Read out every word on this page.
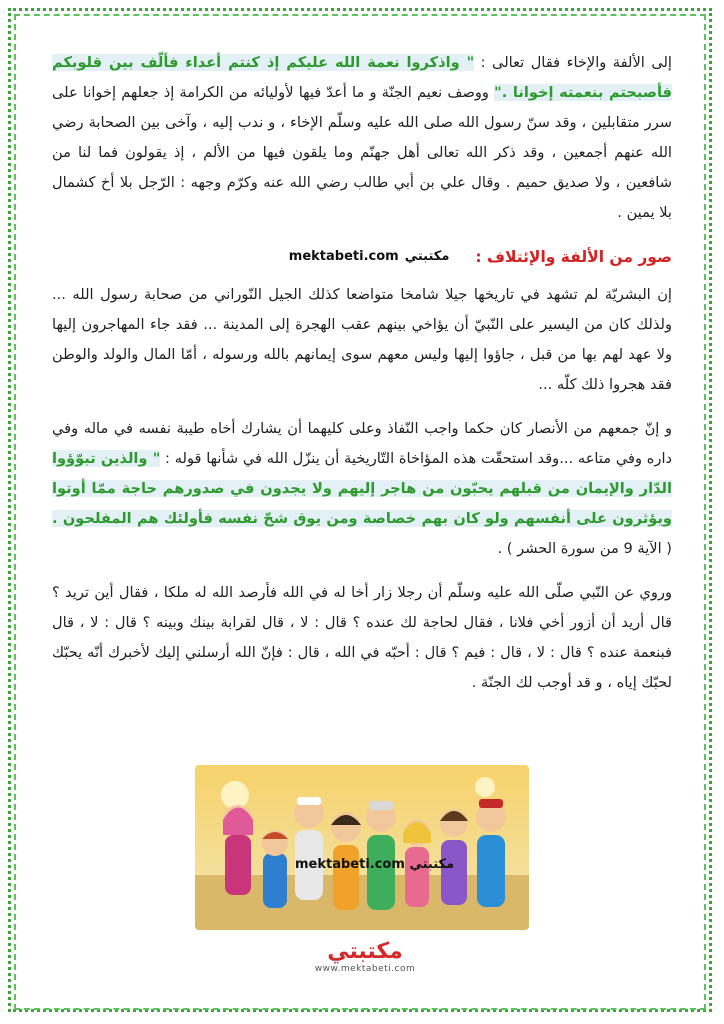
إلى الألفة والإخاء فقال تعالى : " واذكروا نعمة الله عليكم إذ كنتم أعداء فألّف بين قلوبكم فأصبحتم بنعمته إخوانا ." ووصف نعيم الجنّة و ما أعدّ فيها لأوليائه من الكرامة إذ جعلهم إخوانا على سرر متقابلين ، وقد سنّ رسول الله صلى الله عليه وسلّم الإخاء ، و ندب إليه ، وآخى بين الصحابة رضي الله عنهم أجمعين ، وقد ذكر الله تعالى أهل جهنّم وما يلقون فيها من الألم ، إذ يقولون فما لنا من شافعين ، ولا صديق حميم . وقال علي بن أبي طالب رضي الله عنه وكرّم وجهه : الرّجل بلا أخ كشمال بلا يمين .

صور من الألفة والإئتلاف :
mektabeti.com مكتبتي

إن البشريّة لم تشهد في تاريخها جيلا شامخا متواضعا كذلك الجيل النّوراني من صحابة رسول الله ... ولذلك كان من اليسير على النّبيّ أن يؤاخي بينهم عقب الهجرة إلى المدينة ... فقد جاء المهاجرون إليها ولا عهد لهم بها من قبل ، جاؤوا إليها وليس معهم سوى إيمانهم بالله ورسوله ، أمّا المال والولد والوطن فقد هجروا ذلك كلّه ...

و إنّ جمعهم من الأنصار كان حكما واجب النّفاذ وعلى كليهما أن يشارك أخاه طيبة نفسه في ماله وفي داره وفي متاعه ...وقد استحقّت هذه المؤاخاة التّاريخية أن ينزّل الله في شأنها قوله : " والذين تبوّؤوا الدّار والإيمان من قبلهم يحبّون من هاجر إليهم ولا يجدون في صدورهم حاجة ممّا أوتوا ويؤثرون على أنفسهم ولو كان بهم خصاصة ومن يوق شحّ نفسه فأولئك هم المفلحون . ( الآية 9 من سورة الحشر ) .

وروي عن النّبي صلّى الله عليه وسلّم أن رجلا زار أخا له في الله فأرصد الله له ملكا ، فقال أين تريد ؟ قال أريد أن أزور أخي فلانا ، فقال لحاجة لك عنده ؟ قال : لا ، قال لقرابة بينك وبينه ؟ قال : لا ، قال فبنعمة عنده ؟ قال : لا ، قال : فيم ؟ قال : أحبّه في الله ، قال : فإنّ الله أرسلني إليك لأخبرك أنّه يحبّك لحبّك إياه ، و قد أوجب لك الجنّة .

mektabeti.com مكتبتي
مكتبتي
www.mektabeti.com
